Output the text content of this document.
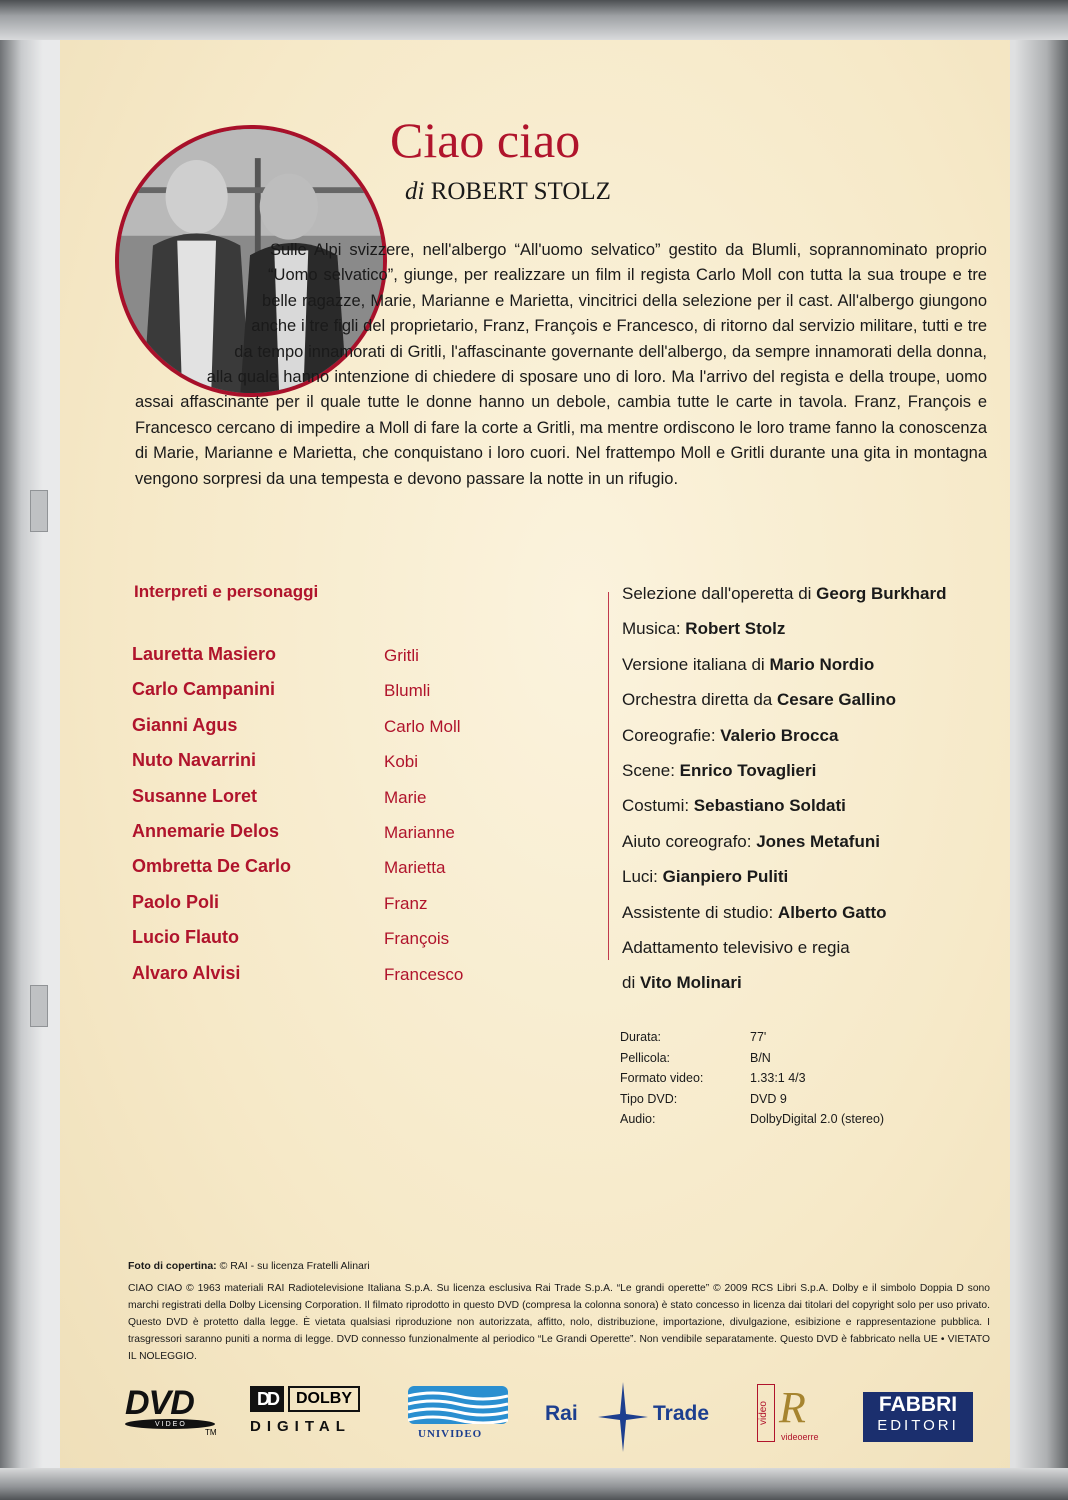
Ciao ciao
di ROBERT STOLZ

Sulle Alpi svizzere, nell'albergo “All'uomo selvatico” gestito da Blumli, soprannominato proprio “Uomo selvatico”, giunge, per realizzare un film il regista Carlo Moll con tutta la sua troupe e tre belle ragazze, Marie, Marianne e Marietta, vincitrici della selezione per il cast. All'albergo giungono anche i tre figli del proprietario, Franz, François e Francesco, di ritorno dal servizio militare, tutti e tre da tempo innamorati di Gritli, l'affascinante governante dell'albergo, da sempre innamorati della donna, alla quale hanno intenzione di chiedere di sposare uno di loro. Ma l'arrivo del regista e della troupe, uomo assai affascinante per il quale tutte le donne hanno un debole, cambia tutte le carte in tavola. Franz, François e Francesco cercano di impedire a Moll di fare la corte a Gritli, ma mentre ordiscono le loro trame fanno la conoscenza di Marie, Marianne e Marietta, che conquistano i loro cuori. Nel frattempo Moll e Gritli durante una gita in montagna vengono sorpresi da una tempesta e devono passare la notte in un rifugio.

Interpreti e personaggi
Lauretta Masiero	Gritli
Carlo Campanini	Blumli
Gianni Agus	Carlo Moll
Nuto Navarrini	Kobi
Susanne Loret	Marie
Annemarie Delos	Marianne
Ombretta De Carlo	Marietta
Paolo Poli	Franz
Lucio Flauto	François
Alvaro Alvisi	Francesco
Selezione dall'operetta di Georg Burkhard
Musica: Robert Stolz
Versione italiana di Mario Nordio
Orchestra diretta da Cesare Gallino
Coreografie: Valerio Brocca
Scene: Enrico Tovaglieri
Costumi: Sebastiano Soldati
Aiuto coreografo: Jones Metafuni
Luci: Gianpiero Puliti
Assistente di studio: Alberto Gatto
Adattamento televisivo e regia
di Vito Molinari
Durata:	77'
Pellicola:	B/N
Formato video:	1.33:1 4/3
Tipo DVD:	DVD 9
Audio:	DolbyDigital 2.0 (stereo)
Foto di copertina: © RAI - su licenza Fratelli Alinari
CIAO CIAO © 1963 materiali RAI Radiotelevisione Italiana S.p.A. Su licenza esclusiva Rai Trade S.p.A. “Le grandi operette” © 2009 RCS Libri S.p.A. Dolby e il simbolo Doppia D sono marchi registrati della Dolby Licensing Corporation. Il filmato riprodotto in questo DVD (compresa la colonna sonora) è stato concesso in licenza dai titolari del copyright solo per uso privato. Questo DVD è protetto dalla legge. È vietata qualsiasi riproduzione non autorizzata, affitto, nolo, distribuzione, importazione, divulgazione, esibizione e rappresentazione pubblica. I trasgressori saranno puniti a norma di legge. DVD connesso funzionalmente al periodico “Le Grandi Operette”. Non vendibile separatamente. Questo DVD è fabbricato nella UE • VIETATO IL NOLEGGIO.
DVD
VIDEO
TM
DD DOLBY
DIGITAL	UNIVIDEO
Rai	Trade	video R
videoerre
FABBRI
EDITORI
